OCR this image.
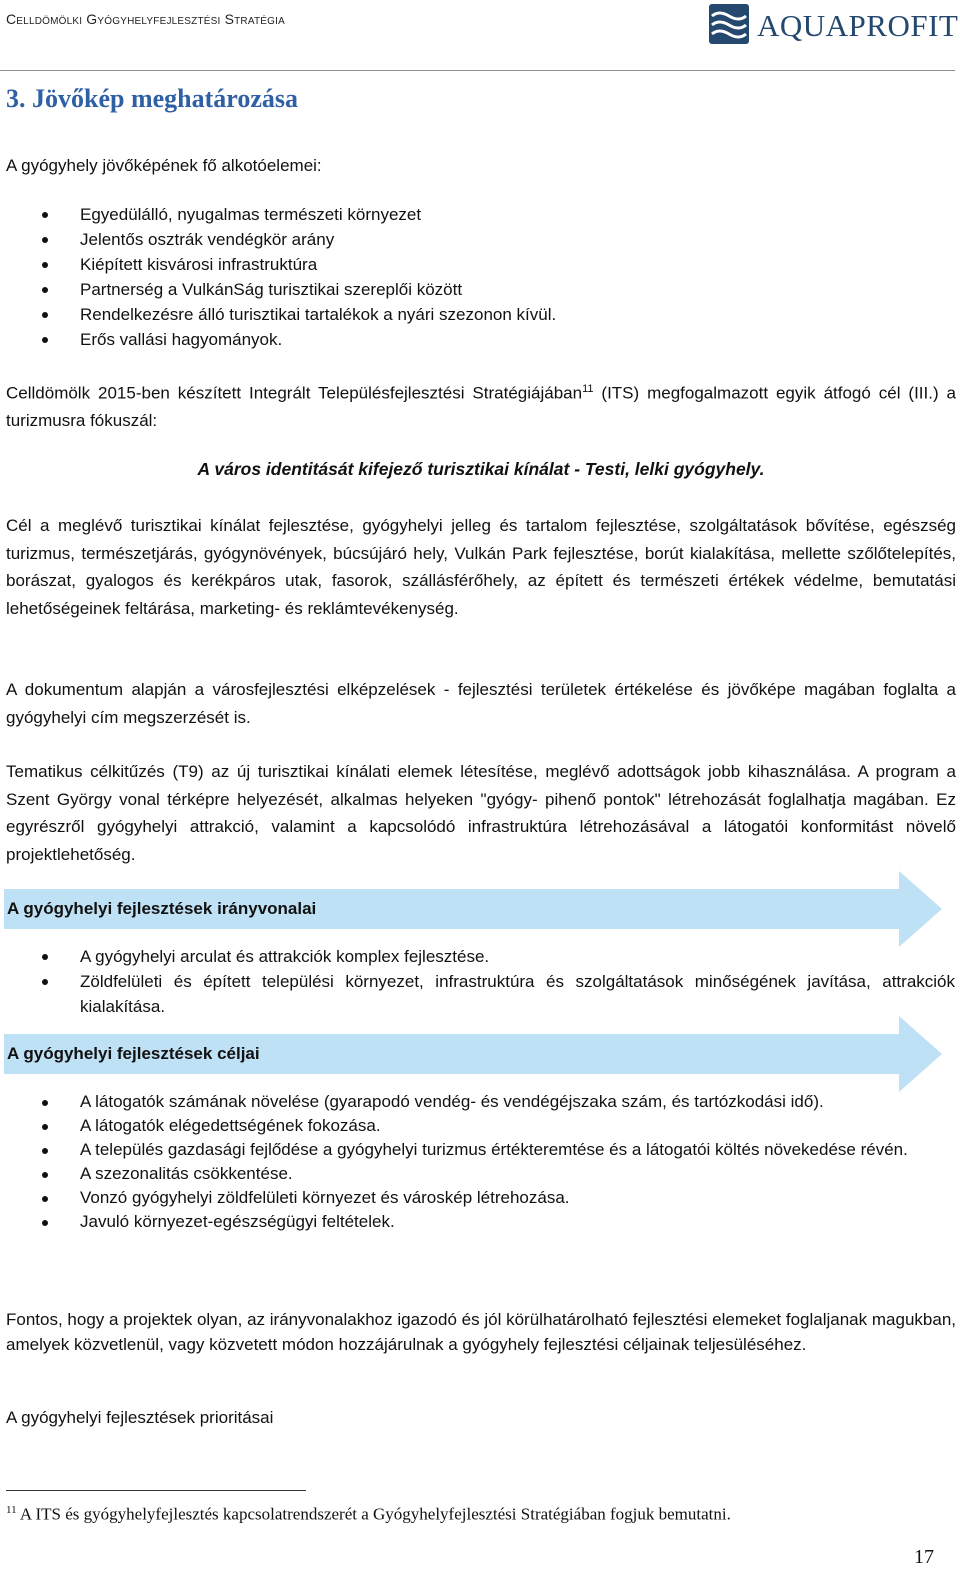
Celldömölki Gyógyhelyfejlesztési Stratégia	AQUAPROFIT
3. Jövőkép meghatározása

A gyógyhely jövőképének fő alkotóelemei:

Egyedülálló, nyugalmas természeti környezet
Jelentős osztrák vendégkör arány
Kiépített kisvárosi infrastruktúra
Partnerség a VulkánSág turisztikai szereplői között
Rendelkezésre álló turisztikai tartalékok a nyári szezonon kívül.
Erős vallási hagyományok.

Celldömölk 2015-ben készített Integrált Településfejlesztési Stratégiájában$^{11}$ (ITS) megfogalmazott egyik átfogó cél (III.) a turizmusra fókuszál:

A város identitását kifejező turisztikai kínálat - Testi, lelki gyógyhely.

Cél a meglévő turisztikai kínálat fejlesztése, gyógyhelyi jelleg és tartalom fejlesztése, szolgáltatások bővítése, egészség turizmus, természetjárás, gyógynövények, búcsújáró hely, Vulkán Park fejlesztése, borút kialakítása, mellette szőlőtelepítés, borászat, gyalogos és kerékpáros utak, fasorok, szállásférőhely, az épített és természeti értékek védelme, bemutatási lehetőségeinek feltárása, marketing- és reklámtevékenység.

A dokumentum alapján a városfejlesztési elképzelések - fejlesztési területek értékelése és jövőképe magában foglalta a gyógyhelyi cím megszerzését is.

Tematikus célkitűzés (T9) az új turisztikai kínálati elemek létesítése, meglévő adottságok jobb kihasználása. A program a Szent György vonal térképre helyezését, alkalmas helyeken "gyógy- pihenő pontok" létrehozását foglalhatja magában. Ez egyrészről gyógyhelyi attrakció, valamint a kapcsolódó infrastruktúra létrehozásával a látogatói konformitást növelő projektlehetőség.

A gyógyhelyi fejlesztések irányvonalai
A gyógyhelyi arculat és attrakciók komplex fejlesztése.
Zöldfelületi és épített települési környezet, infrastruktúra és szolgáltatások minőségének javítása, attrakciók kialakítása.
A gyógyhelyi fejlesztések céljai
A látogatók számának növelése (gyarapodó vendég- és vendégéjszaka szám, és tartózkodási idő).
A látogatók elégedettségének fokozása.
A település gazdasági fejlődése a gyógyhelyi turizmus értékteremtése és a látogatói költés növekedése révén.
A szezonalitás csökkentése.
Vonzó gyógyhelyi zöldfelületi környezet és városkép létrehozása.
Javuló környezet-egészségügyi feltételek.

Fontos, hogy a projektek olyan, az irányvonalakhoz igazodó és jól körülhatárolható fejlesztési elemeket foglaljanak magukban, amelyek közvetlenül, vagy közvetett módon hozzájárulnak a gyógyhely fejlesztési céljainak teljesüléséhez.

A gyógyhelyi fejlesztések prioritásai

$^{11}$ A ITS és gyógyhelyfejlesztés kapcsolatrendszerét a Gyógyhelyfejlesztési Stratégiában fogjuk bemutatni.
17
